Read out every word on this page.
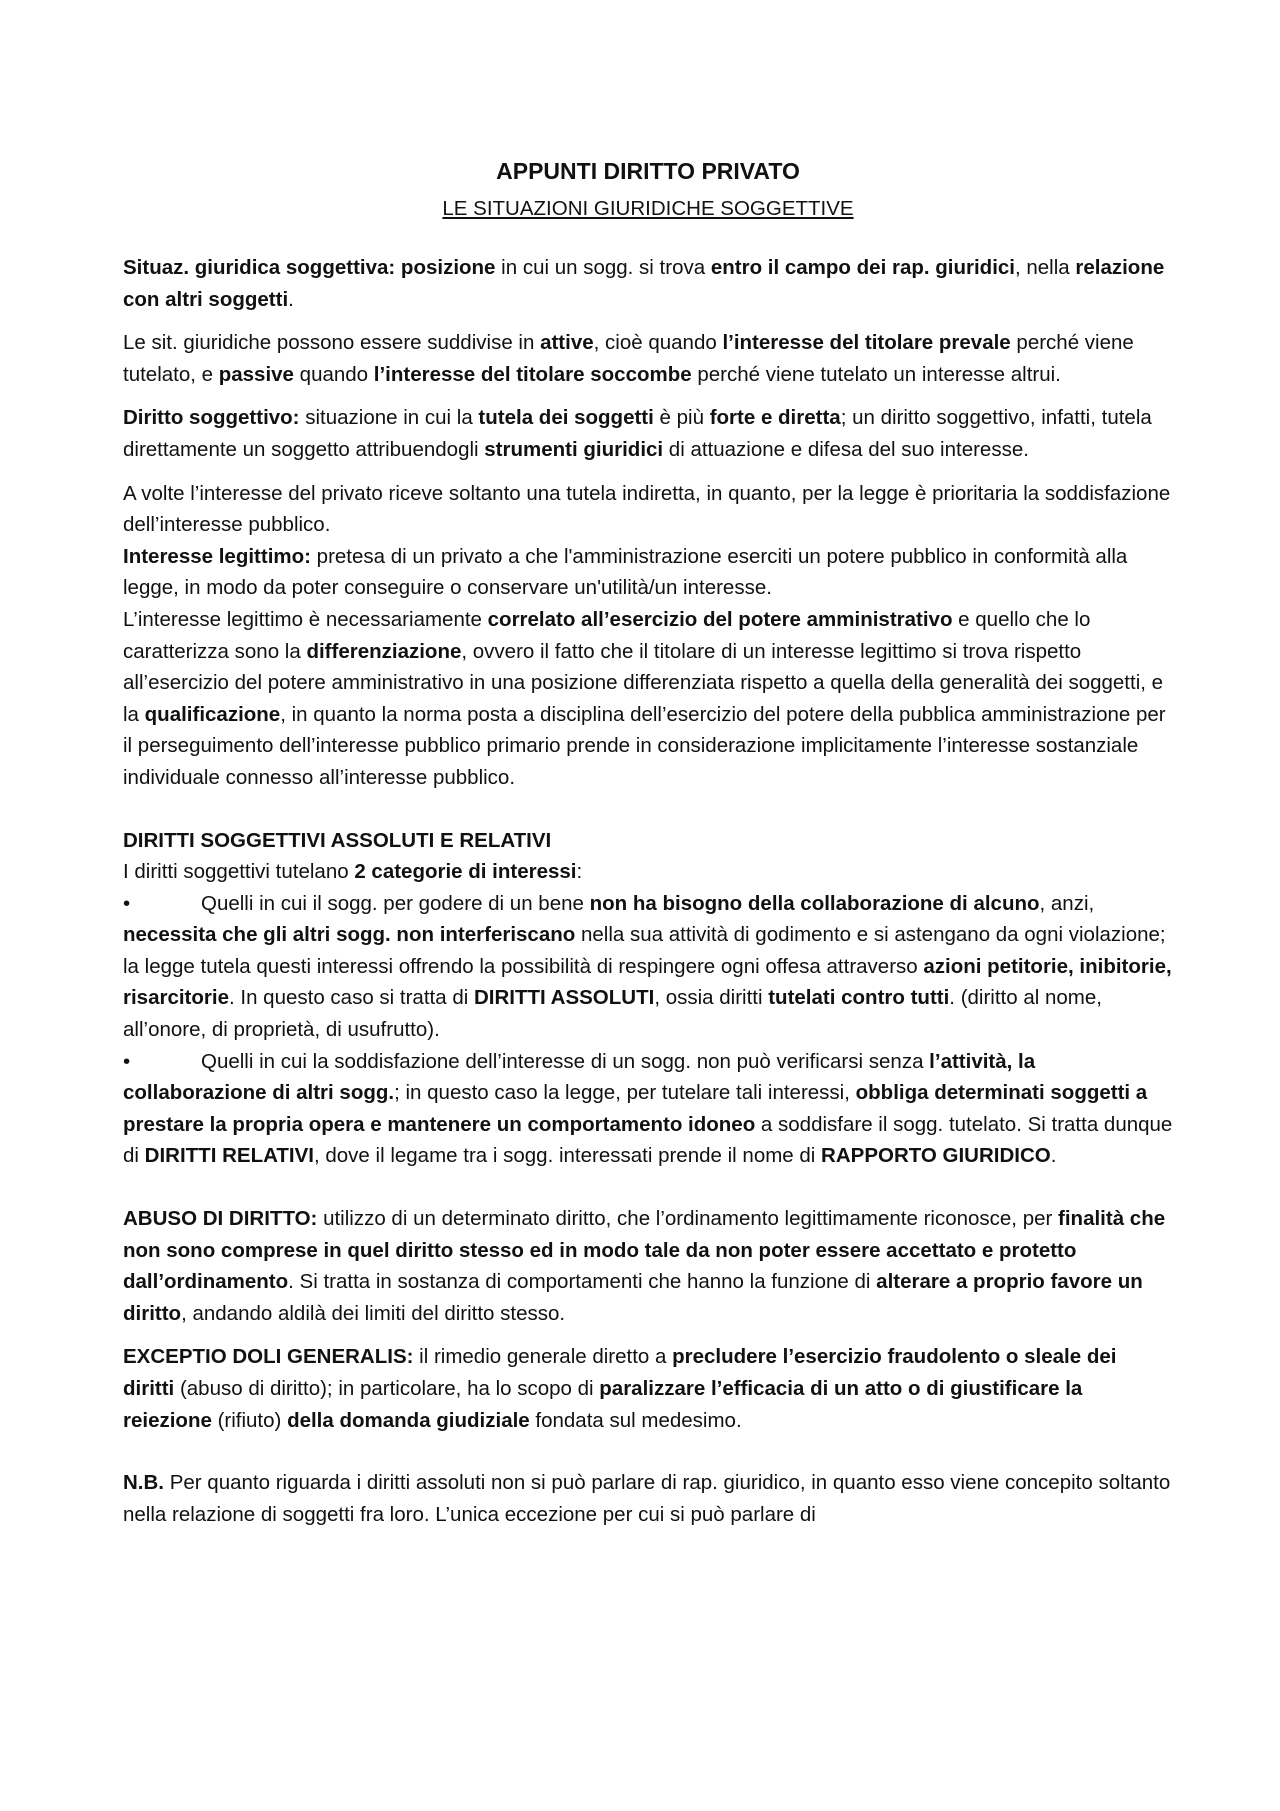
APPUNTI DIRITTO PRIVATO
LE SITUAZIONI GIURIDICHE SOGGETTIVE

Situaz. giuridica soggettiva: posizione in cui un sogg. si trova entro il campo dei rap. giuridici, nella relazione con altri soggetti.

Le sit. giuridiche possono essere suddivise in attive, cioè quando l’interesse del titolare prevale perché viene tutelato, e passive quando l’interesse del titolare soccombe perché viene tutelato un interesse altrui.

Diritto soggettivo: situazione in cui la tutela dei soggetti è più forte e diretta; un diritto soggettivo, infatti, tutela direttamente un soggetto attribuendogli strumenti giuridici di attuazione e difesa del suo interesse.

A volte l’interesse del privato riceve soltanto una tutela indiretta, in quanto, per la legge è prioritaria la soddisfazione dell’interesse pubblico.

Interesse legittimo: pretesa di un privato a che l'amministrazione eserciti un potere pubblico in conformità alla legge, in modo da poter conseguire o conservare un'utilità/un interesse.

L’interesse legittimo è necessariamente correlato all’esercizio del potere amministrativo e quello che lo caratterizza sono la differenziazione, ovvero il fatto che il titolare di un interesse legittimo si trova rispetto all’esercizio del potere amministrativo in una posizione differenziata rispetto a quella della generalità dei soggetti, e la qualificazione, in quanto la norma posta a disciplina dell’esercizio del potere della pubblica amministrazione per il perseguimento dell’interesse pubblico primario prende in considerazione implicitamente l’interesse sostanziale individuale connesso all’interesse pubblico.

DIRITTI SOGGETTIVI ASSOLUTI E RELATIVI

I diritti soggettivi tutelano 2 categorie di interessi:

•	Quelli in cui il sogg. per godere di un bene non ha bisogno della collaborazione di alcuno, anzi, necessita che gli altri sogg. non interferiscano nella sua attività di godimento e si astengano da ogni violazione; la legge tutela questi interessi offrendo la possibilità di respingere ogni offesa attraverso azioni petitorie, inibitorie, risarcitorie. In questo caso si tratta di DIRITTI ASSOLUTI, ossia diritti tutelati contro tutti. (diritto al nome, all’onore, di proprietà, di usufrutto).

•	Quelli in cui la soddisfazione dell’interesse di un sogg. non può verificarsi senza l’attività, la collaborazione di altri sogg.; in questo caso la legge, per tutelare tali interessi, obbliga determinati soggetti a prestare la propria opera e mantenere un comportamento idoneo a soddisfare il sogg. tutelato. Si tratta dunque di DIRITTI RELATIVI, dove il legame tra i sogg. interessati prende il nome di RAPPORTO GIURIDICO.

ABUSO DI DIRITTO: utilizzo di un determinato diritto, che l’ordinamento legittimamente riconosce, per finalità che non sono comprese in quel diritto stesso ed in modo tale da non poter essere accettato e protetto dall’ordinamento. Si tratta in sostanza di comportamenti che hanno la funzione di alterare a proprio favore un diritto, andando aldilà dei limiti del diritto stesso.

EXCEPTIO DOLI GENERALIS: il rimedio generale diretto a precludere l’esercizio fraudolento o sleale dei diritti (abuso di diritto); in particolare, ha lo scopo di paralizzare l’efficacia di un atto o di giustificare la reiezione (rifiuto) della domanda giudiziale fondata sul medesimo.

N.B. Per quanto riguarda i diritti assoluti non si può parlare di rap. giuridico, in quanto esso viene concepito soltanto nella relazione di soggetti fra loro. L’unica eccezione per cui si può parlare di
